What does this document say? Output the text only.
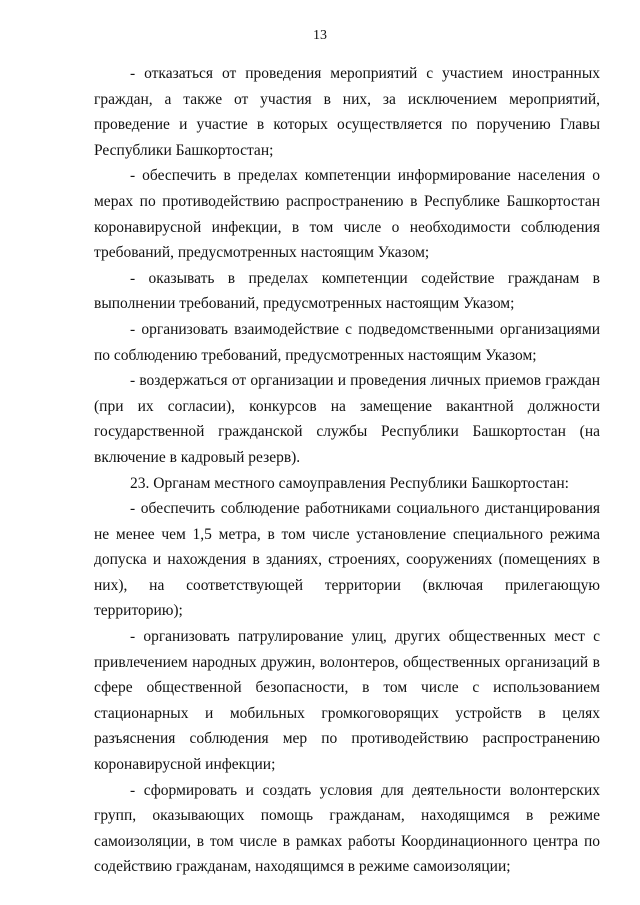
13

- отказаться от проведения мероприятий с участием иностранных граждан, а также от участия в них, за исключением мероприятий, проведение и участие в которых осуществляется по поручению Главы Республики Башкортостан;

- обеспечить в пределах компетенции информирование населения о мерах по противодействию распространению в Республике Башкортостан коронавирусной инфекции, в том числе о необходимости соблюдения требований, предусмотренных настоящим Указом;

- оказывать в пределах компетенции содействие гражданам в выполнении требований, предусмотренных настоящим Указом;

- организовать взаимодействие с подведомственными организациями по соблюдению требований, предусмотренных настоящим Указом;

- воздержаться от организации и проведения личных приемов граждан (при их согласии), конкурсов на замещение вакантной должности государственной гражданской службы Республики Башкортостан (на включение в кадровый резерв).

23. Органам местного самоуправления Республики Башкортостан:

- обеспечить соблюдение работниками социального дистанцирования не менее чем 1,5 метра, в том числе установление специального режима допуска и нахождения в зданиях, строениях, сооружениях (помещениях в них), на соответствующей территории (включая прилегающую территорию);

- организовать патрулирование улиц, других общественных мест с привлечением народных дружин, волонтеров, общественных организаций в сфере общественной безопасности, в том числе с использованием стационарных и мобильных громкоговорящих устройств в целях разъяснения соблюдения мер по противодействию распространению коронавирусной инфекции;

- сформировать и создать условия для деятельности волонтерских групп, оказывающих помощь гражданам, находящимся в режиме самоизоляции, в том числе в рамках работы Координационного центра по содействию гражданам, находящимся в режиме самоизоляции;
